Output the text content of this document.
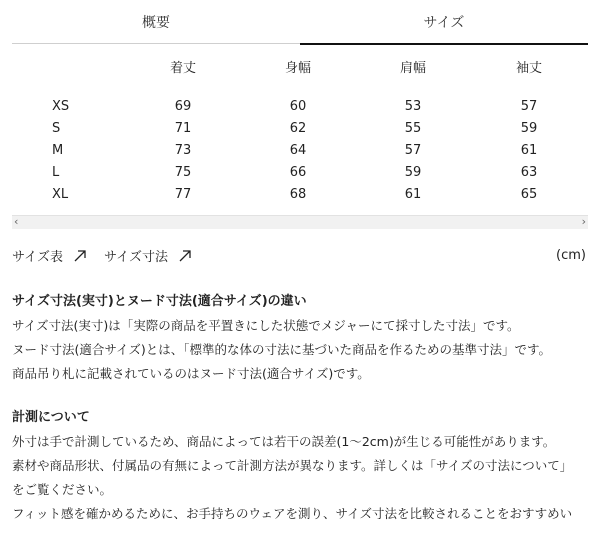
概要	サイズ
着丈	身幅	肩幅	袖丈
XS	69	60	53	57
S	71	62	55	59
M	73	64	57	61
L	75	66	59	63
XL	77	68	61	65
‹	›
サイズ表	サイズ寸法	(cm)
サイズ寸法(実寸)とヌード寸法(適合サイズ)の違い
サイズ寸法(実寸)は「実際の商品を平置きにした状態でメジャーにて採寸した寸法」です。
ヌード寸法(適合サイズ)とは、「標準的な体の寸法に基づいた商品を作るための基準寸法」です。
商品吊り札に記載されているのはヌード寸法(適合サイズ)です。
計測について
外寸は手で計測しているため、商品によっては若干の誤差(1〜2cm)が生じる可能性があります。
素材や商品形状、付属品の有無によって計測方法が異なります。詳しくは「サイズの寸法について」
をご覧ください。
フィット感を確かめるために、お手持ちのウェアを測り、サイズ寸法を比較されることをおすすめい
